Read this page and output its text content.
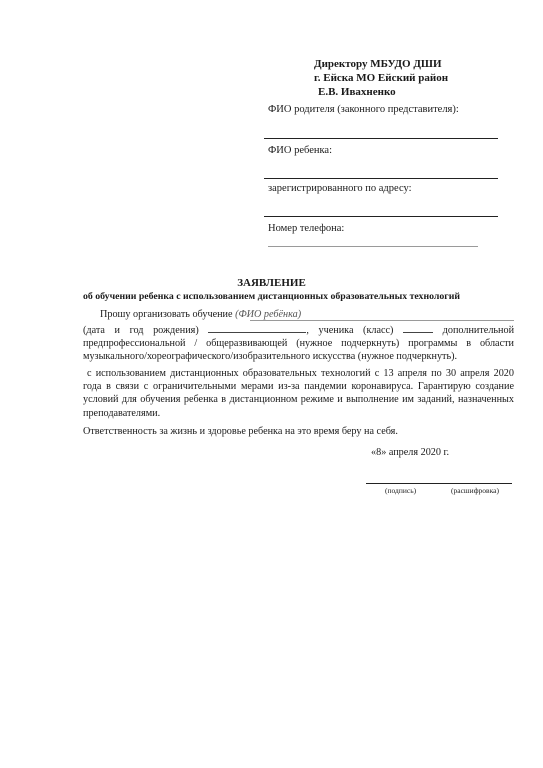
Директору МБУДО ДШИ
г. Ейска МО Ейский район
Е.В. Ивахненко
ФИО родителя (законного представителя):
ФИО ребенка:
зарегистрированного по адресу:
Номер телефона:
ЗАЯВЛЕНИЕ
об обучении ребенка с использованием дистанционных образовательных технологий
Прошу организовать обучение (ФИО ребёнка)
(дата и год рождения)	, ученика (класс)	дополнительной предпрофессиональной / общеразвивающей (нужное подчеркнуть) программы в области музыкального/хореографического/изобразительного искусства (нужное подчеркнуть).
с использованием дистанционных образовательных технологий с 13 апреля по 30 апреля 2020 года в связи с ограничительными мерами из-за пандемии коронавируса. Гарантирую создание условий для обучения ребенка в дистанционном режиме и выполнение им заданий, назначенных преподавателями.
Ответственность за жизнь и здоровье ребенка на это время беру на себя.
«8» апреля 2020 г.
(подпись)	(расшифровка)
